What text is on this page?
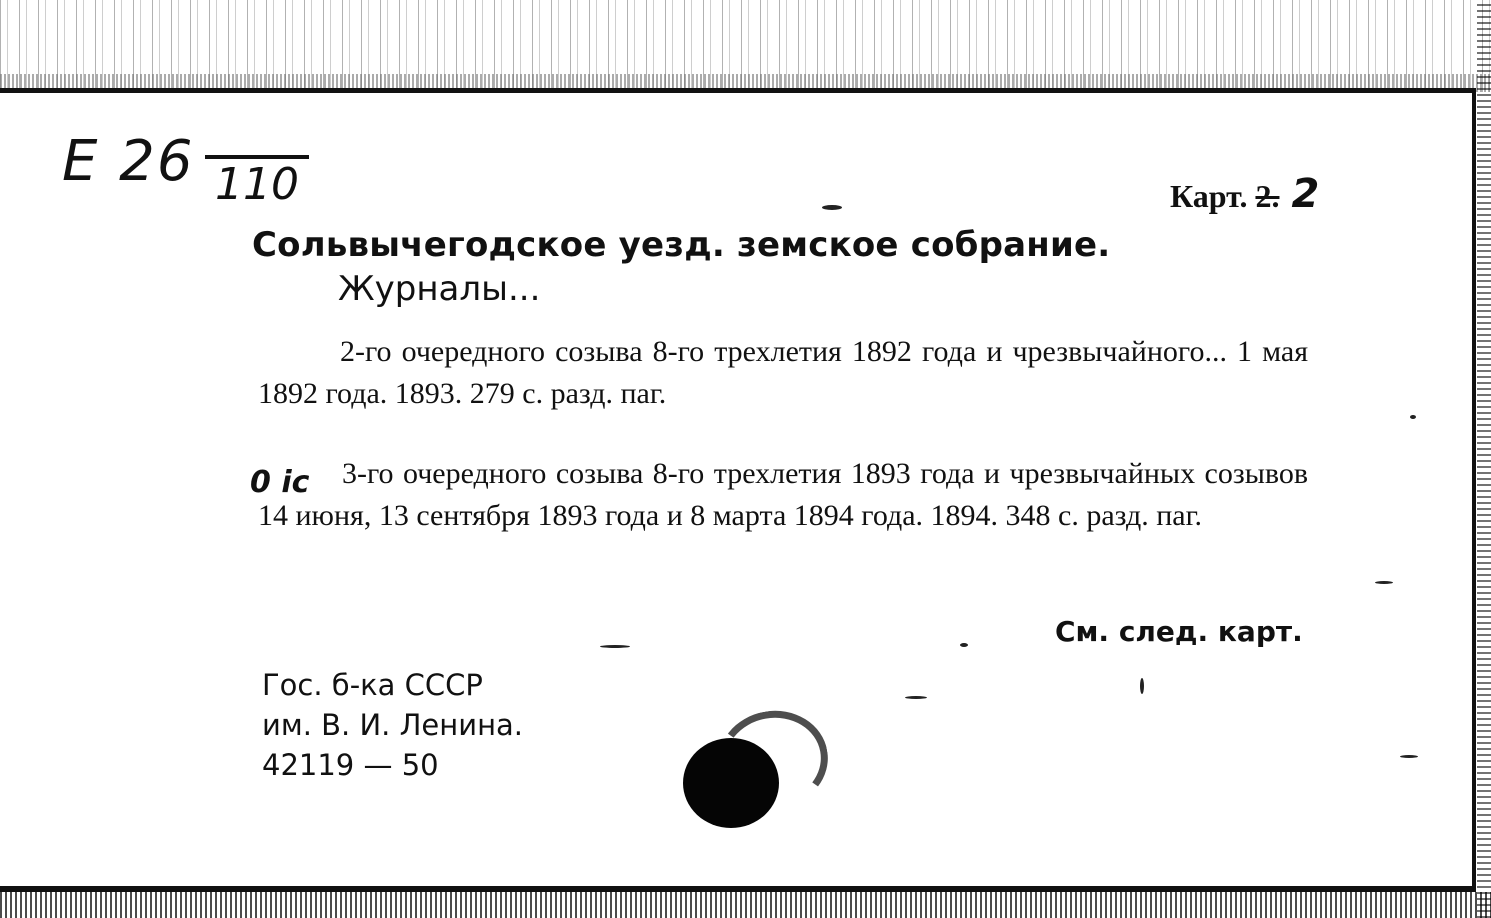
E 26 110	Карт. 2. 2
Сольвычегодское уезд. земское собрание.
Журналы...
2-го очередного созыва 8-го трехлетия 1892 года и чрезвычайного... 1 мая 1892 года. 1893. 279 с. разд. паг.
0 ic	3-го очередного созыва 8-го трехлетия 1893 года и чрезвычайных созывов 14 июня, 13 сентября 1893 года и 8 марта 1894 года. 1894. 348 с. разд. паг.
См. след. карт.
Гос. б-ка СССР
им. В. И. Ленина.
42119 — 50
